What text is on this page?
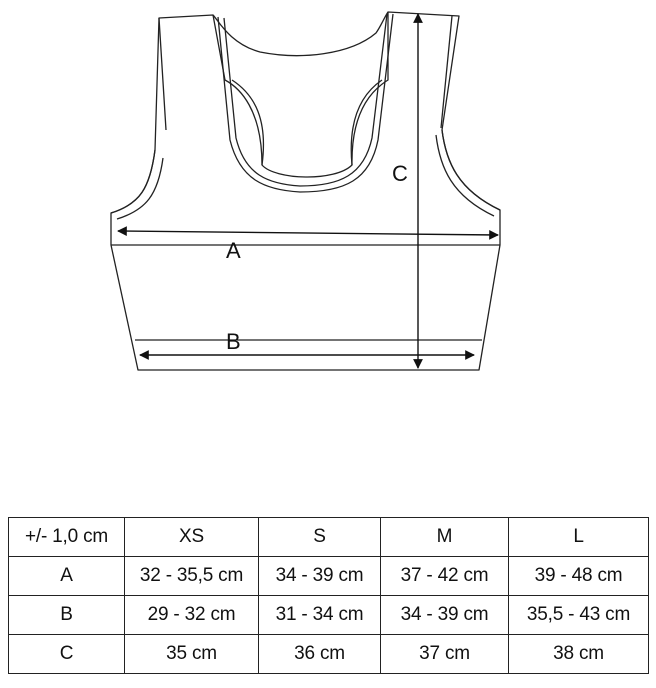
A
B
C
+/- 1,0 cm	XS	S	M	L
A	32 - 35,5 cm	34 - 39 cm	37 - 42 cm	39 - 48 cm
B	29 - 32 cm	31 - 34 cm	34 - 39 cm	35,5 - 43 cm
C	35 cm	36 cm	37 cm	38 cm
